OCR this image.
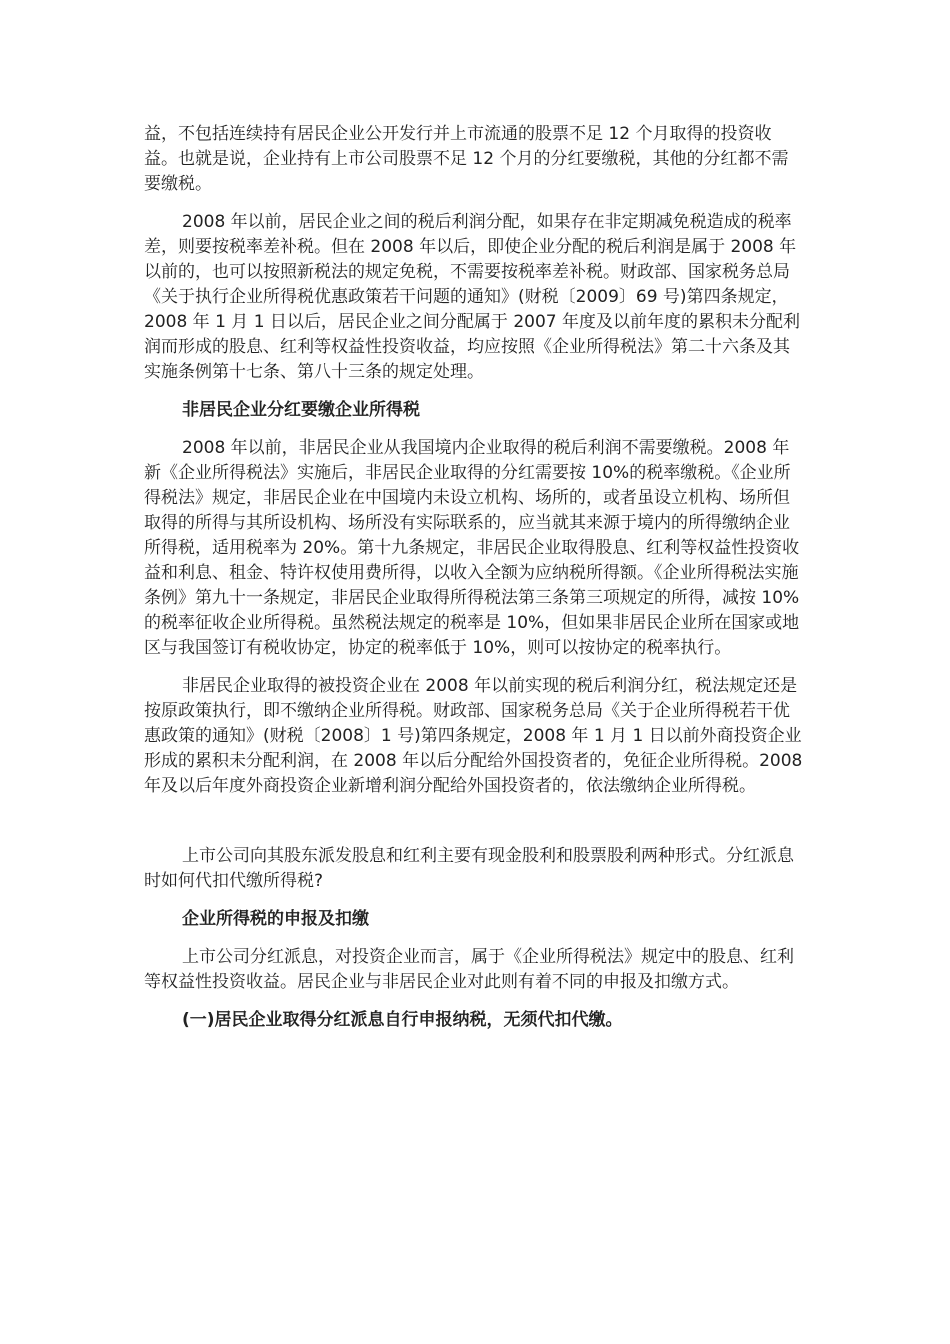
益，不包括连续持有居民企业公开发行并上市流通的股票不足 12 个月取得的投资收益。也就是说，企业持有上市公司股票不足 12 个月的分红要缴税，其他的分红都不需要缴税。

2008 年以前，居民企业之间的税后利润分配，如果存在非定期减免税造成的税率差，则要按税率差补税。但在 2008 年以后，即使企业分配的税后利润是属于 2008 年以前的，也可以按照新税法的规定免税，不需要按税率差补税。财政部、国家税务总局《关于执行企业所得税优惠政策若干问题的通知》(财税〔2009〕69 号)第四条规定，2008 年 1 月 1 日以后，居民企业之间分配属于 2007 年度及以前年度的累积未分配利润而形成的股息、红利等权益性投资收益，均应按照《企业所得税法》第二十六条及其实施条例第十七条、第八十三条的规定处理。

非居民企业分红要缴企业所得税

2008 年以前，非居民企业从我国境内企业取得的税后利润不需要缴税。2008 年新《企业所得税法》实施后，非居民企业取得的分红需要按 10%的税率缴税。《企业所得税法》规定，非居民企业在中国境内未设立机构、场所的，或者虽设立机构、场所但取得的所得与其所设机构、场所没有实际联系的，应当就其来源于境内的所得缴纳企业所得税，适用税率为 20%。第十九条规定，非居民企业取得股息、红利等权益性投资收益和利息、租金、特许权使用费所得，以收入全额为应纳税所得额。《企业所得税法实施条例》第九十一条规定，非居民企业取得所得税法第三条第三项规定的所得，减按 10%的税率征收企业所得税。虽然税法规定的税率是 10%，但如果非居民企业所在国家或地区与我国签订有税收协定，协定的税率低于 10%，则可以按协定的税率执行。

非居民企业取得的被投资企业在 2008 年以前实现的税后利润分红，税法规定还是按原政策执行，即不缴纳企业所得税。财政部、国家税务总局《关于企业所得税若干优惠政策的通知》(财税〔2008〕1 号)第四条规定，2008 年 1 月 1 日以前外商投资企业形成的累积未分配利润，在 2008 年以后分配给外国投资者的，免征企业所得税。2008 年及以后年度外商投资企业新增利润分配给外国投资者的，依法缴纳企业所得税。

上市公司向其股东派发股息和红利主要有现金股利和股票股利两种形式。分红派息时如何代扣代缴所得税?

企业所得税的申报及扣缴

上市公司分红派息，对投资企业而言，属于《企业所得税法》规定中的股息、红利等权益性投资收益。居民企业与非居民企业对此则有着不同的申报及扣缴方式。

(一)居民企业取得分红派息自行申报纳税，无须代扣代缴。
